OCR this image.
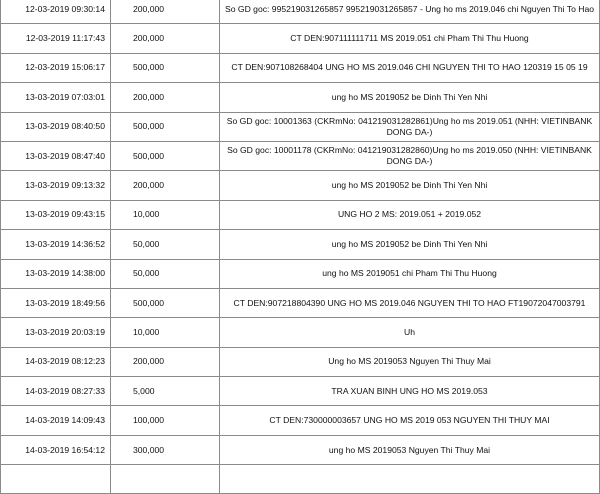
12-03-2019 09:30:14	200,000	So GD goc: 995219031265857 995219031265857 - Ung ho ms 2019.046 chi Nguyen Thi To Hao
12-03-2019 11:17:43	200,000	CT DEN:907111111711 MS 2019.051 chi Pham Thi Thu Huong
12-03-2019 15:06:17	500,000	CT DEN:907108268404 UNG HO MS 2019.046 CHI NGUYEN THI TO HAO 120319 15 05 19
13-03-2019 07:03:01	200,000	ung ho MS 2019052 be Dinh Thi Yen Nhi
13-03-2019 08:40:50	500,000	So GD goc: 10001363 (CKRmNo: 041219031282861)Ung ho ms 2019.051 (NHH: VIETINBANK DONG DA-)
13-03-2019 08:47:40	500,000	So GD goc: 10001178 (CKRmNo: 041219031282860)Ung ho ms 2019.050 (NHH: VIETINBANK DONG DA-)
13-03-2019 09:13:32	200,000	ung ho MS 2019052 be Dinh Thi Yen Nhi
13-03-2019 09:43:15	10,000	UNG HO 2 MS: 2019.051 + 2019.052
13-03-2019 14:36:52	50,000	ung ho MS 2019052 be Dinh Thi Yen Nhi
13-03-2019 14:38:00	50,000	ung ho MS 2019051 chi Pham Thi Thu Huong
13-03-2019 18:49:56	500,000	CT DEN:907218804390 UNG HO MS 2019.046 NGUYEN THI TO HAO FT19072047003791
13-03-2019 20:03:19	10,000	Uh
14-03-2019 08:12:23	200,000	Ung ho MS 2019053 Nguyen Thi Thuy Mai
14-03-2019 08:27:33	5,000	TRA XUAN BINH UNG HO MS 2019.053
14-03-2019 14:09:43	100,000	CT DEN:730000003657 UNG HO MS 2019 053 NGUYEN THI THUY MAI
14-03-2019 16:54:12	300,000	ung ho MS 2019053 Nguyen Thi Thuy Mai
